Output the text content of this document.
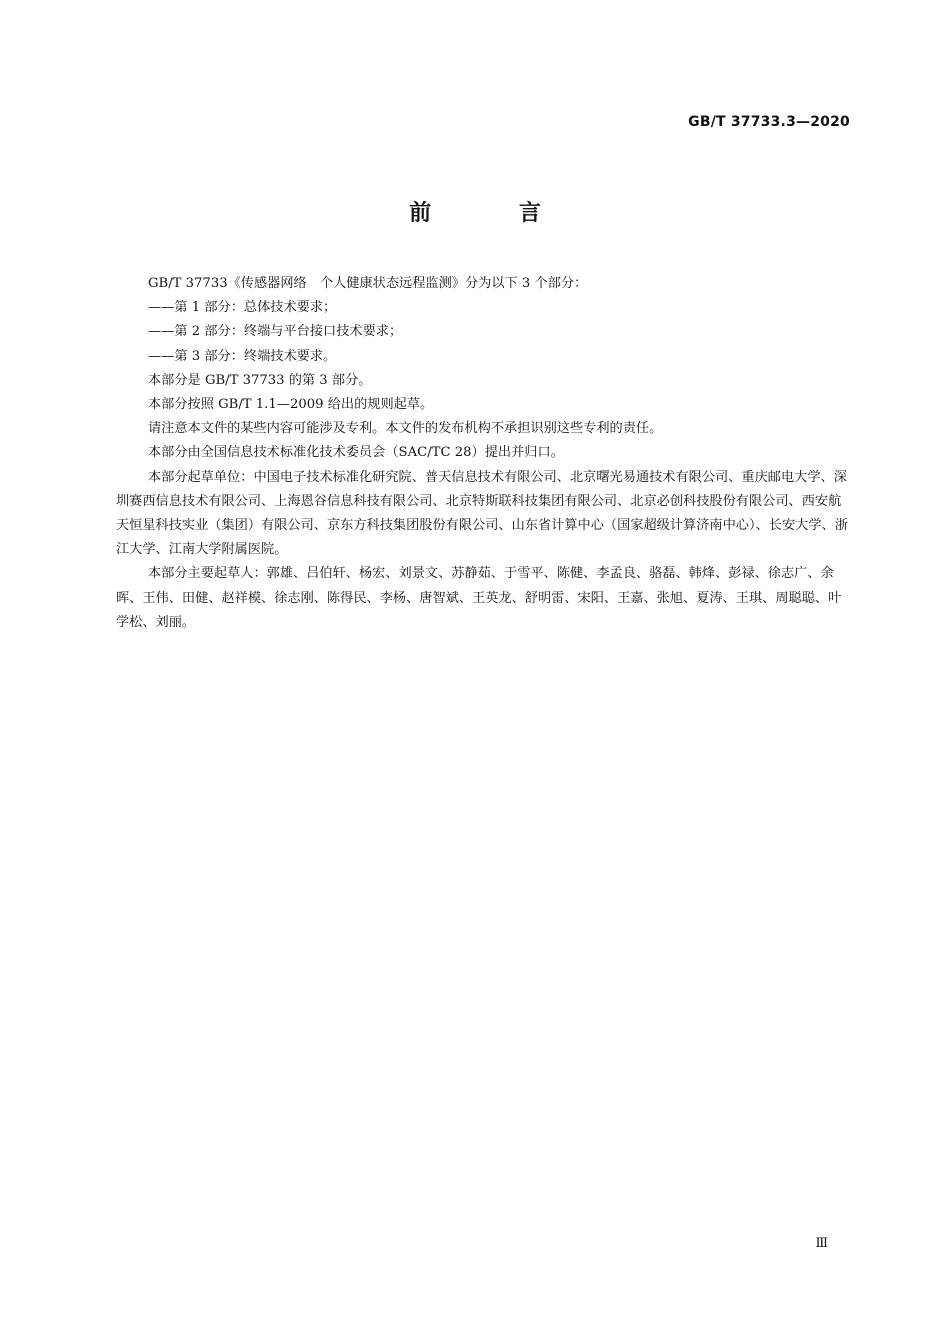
GB/T 37733.3—2020
前 言

GB/T 37733《传感器网络　个人健康状态远程监测》分为以下 3 个部分：

——第 1 部分：总体技术要求；

——第 2 部分：终端与平台接口技术要求；

——第 3 部分：终端技术要求。

本部分是 GB/T 37733 的第 3 部分。

本部分按照 GB/T 1.1—2009 给出的规则起草。

请注意本文件的某些内容可能涉及专利。本文件的发布机构不承担识别这些专利的责任。

本部分由全国信息技术标准化技术委员会（SAC/TC 28）提出并归口。

本部分起草单位：中国电子技术标准化研究院、普天信息技术有限公司、北京曙光易通技术有限公司、重庆邮电大学、深圳赛西信息技术有限公司、上海恩谷信息科技有限公司、北京特斯联科技集团有限公司、北京必创科技股份有限公司、西安航天恒星科技实业（集团）有限公司、京东方科技集团股份有限公司、山东省计算中心（国家超级计算济南中心）、长安大学、浙江大学、江南大学附属医院。

本部分主要起草人：郭雄、吕伯轩、杨宏、刘景文、苏静茹、于雪平、陈健、李孟良、骆磊、韩烽、彭禄、徐志广、余晖、王伟、田健、赵祥模、徐志刚、陈得民、李杨、唐智斌、王英龙、舒明雷、宋阳、王嘉、张旭、夏涛、王琪、周聪聪、叶学松、刘丽。

Ⅲ
